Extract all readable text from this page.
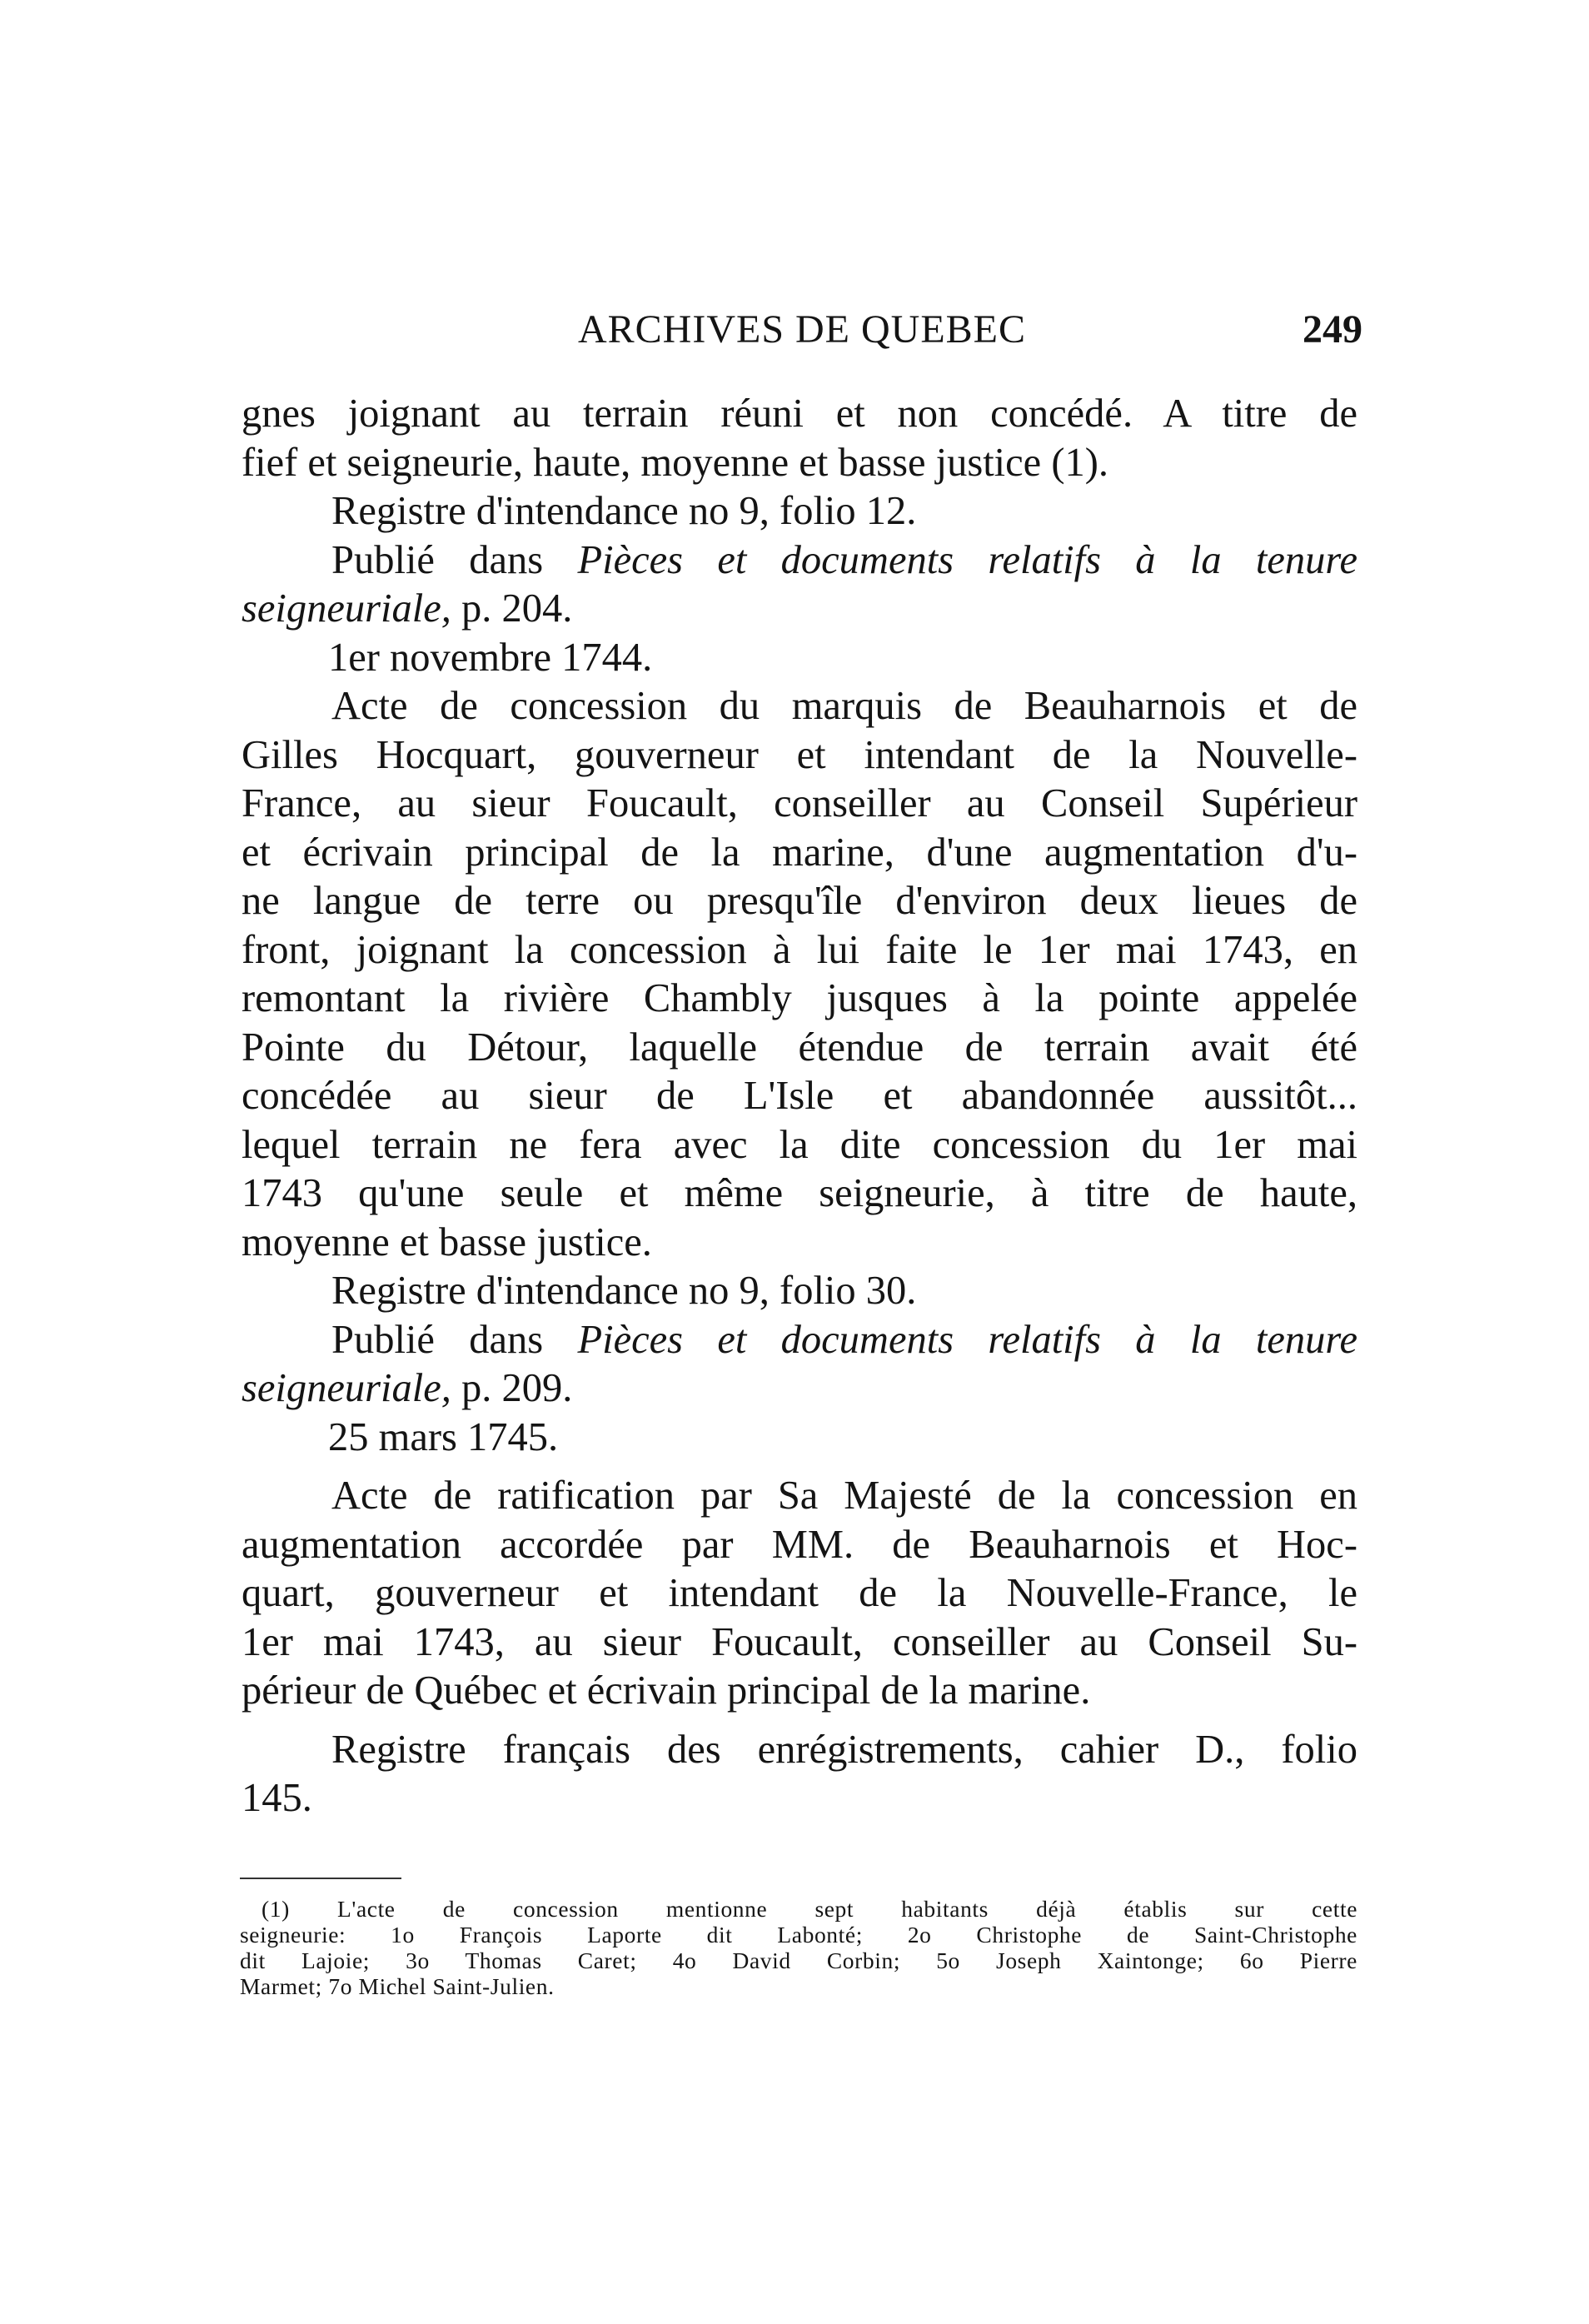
ARCHIVES DE QUEBEC	249
gnes joignant au terrain réuni et non concédé. A titre de
fief et seigneurie, haute, moyenne et basse justice (1).
Registre d'intendance no 9, folio 12.
Publié dans Pièces et documents relatifs à la tenure
seigneuriale, p. 204.
1er novembre 1744.
Acte de concession du marquis de Beauharnois et de
Gilles Hocquart, gouverneur et intendant de la Nouvelle-
France, au sieur Foucault, conseiller au Conseil Supérieur
et écrivain principal de la marine, d'une augmentation d'u-
ne langue de terre ou presqu'île d'environ deux lieues de
front, joignant la concession à lui faite le 1er mai 1743, en
remontant la rivière Chambly jusques à la pointe appelée
Pointe du Détour, laquelle étendue de terrain avait été
concédée au sieur de L'Isle et abandonnée aussitôt...
lequel terrain ne fera avec la dite concession du 1er mai
1743 qu'une seule et même seigneurie, à titre de haute,
moyenne et basse justice.
Registre d'intendance no 9, folio 30.
Publié dans Pièces et documents relatifs à la tenure
seigneuriale, p. 209.
25 mars 1745.
Acte de ratification par Sa Majesté de la concession en
augmentation accordée par MM. de Beauharnois et Hoc-
quart, gouverneur et intendant de la Nouvelle-France, le
1er mai 1743, au sieur Foucault, conseiller au Conseil Su-
périeur de Québec et écrivain principal de la marine.
Registre français des enrégistrements, cahier D., folio
145.
(1) L'acte de concession mentionne sept habitants déjà établis sur cette
seigneurie: 1o François Laporte dit Labonté; 2o Christophe de Saint-Christophe
dit Lajoie; 3o Thomas Caret; 4o David Corbin; 5o Joseph Xaintonge; 6o Pierre
Marmet; 7o Michel Saint-Julien.
